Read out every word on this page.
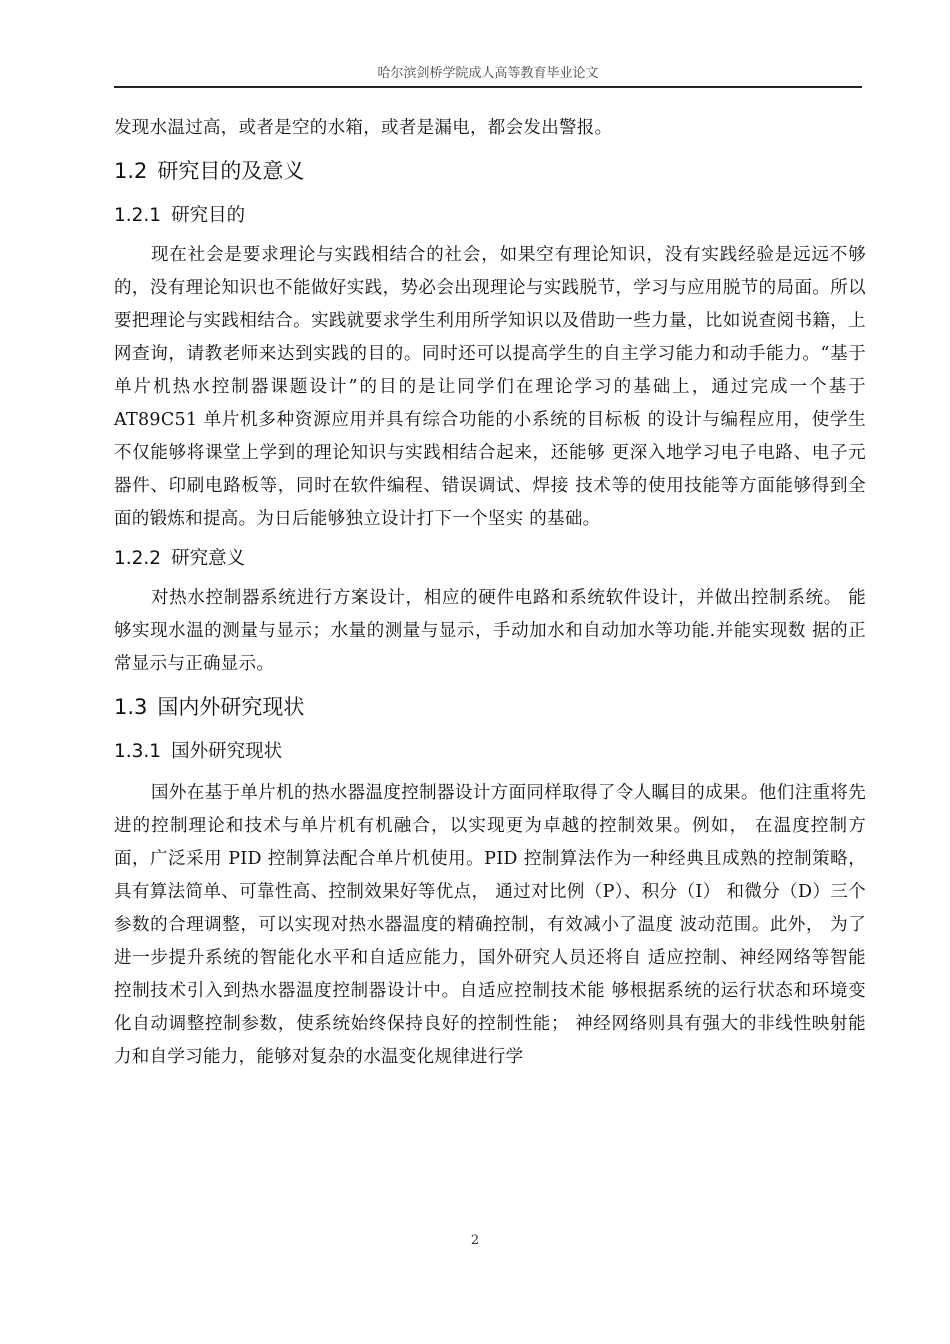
哈尔滨剑桥学院成人高等教育毕业论文

发现水温过高，或者是空的水箱，或者是漏电，都会发出警报。

1.2 研究目的及意义
1.2.1 研究目的

现在社会是要求理论与实践相结合的社会，如果空有理论知识，没有实践经验是远远不够的，没有理论知识也不能做好实践，势必会出现理论与实践脱节，学习与应用脱节的局面。所以要把理论与实践相结合。实践就要求学生利用所学知识以及借助一些力量，比如说查阅书籍，上网查询，请教老师来达到实践的目的。同时还可以提高学生的自主学习能力和动手能力。“基于单片机热水控制器课题设计”的目的是让同学们在理论学习的基础上，通过完成一个基于 AT89C51 单片机多种资源应用并具有综合功能的小系统的目标板 的设计与编程应用，使学生不仅能够将课堂上学到的理论知识与实践相结合起来，还能够 更深入地学习电子电路、电子元器件、印刷电路板等，同时在软件编程、错误调试、焊接 技术等的使用技能等方面能够得到全面的锻炼和提高。为日后能够独立设计打下一个坚实 的基础。

1.2.2 研究意义

对热水控制器系统进行方案设计，相应的硬件电路和系统软件设计，并做出控制系统。 能够实现水温的测量与显示；水量的测量与显示，手动加水和自动加水等功能.并能实现数 据的正常显示与正确显示。

1.3 国内外研究现状
1.3.1 国外研究现状

国外在基于单片机的热水器温度控制器设计方面同样取得了令人瞩目的成果。他们注重将先进的控制理论和技术与单片机有机融合，以实现更为卓越的控制效果。例如， 在温度控制方面，广泛采用 PID 控制算法配合单片机使用。PID 控制算法作为一种经典且成熟的控制策略，具有算法简单、可靠性高、控制效果好等优点， 通过对比例（P）、积分（I） 和微分（D）三个参数的合理调整，可以实现对热水器温度的精确控制，有效减小了温度 波动范围。此外， 为了进一步提升系统的智能化水平和自适应能力，国外研究人员还将自 适应控制、神经网络等智能控制技术引入到热水器温度控制器设计中。自适应控制技术能 够根据系统的运行状态和环境变化自动调整控制参数，使系统始终保持良好的控制性能； 神经网络则具有强大的非线性映射能力和自学习能力，能够对复杂的水温变化规律进行学

2
